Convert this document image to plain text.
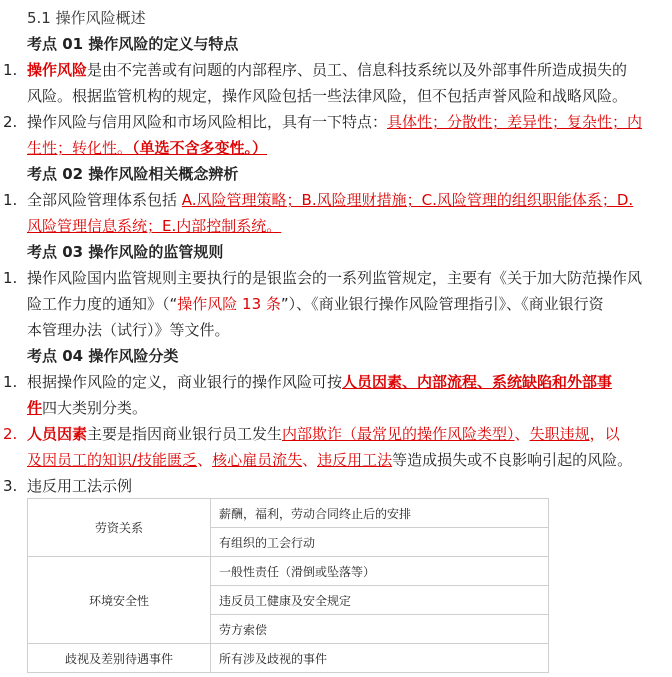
5.1 操作风险概述
考点 01 操作风险的定义与特点
1. 操作风险是由不完善或有问题的内部程序、员工、信息科技系统以及外部事件所造成损失的
风险。根据监管机构的规定，操作风险包括一些法律风险，但不包括声誉风险和战略风险。
2. 操作风险与信用风险和市场风险相比，具有一下特点：具体性；分散性；差异性；复杂性；内
生性；转化性。（单选不含多变性。）
考点 02 操作风险相关概念辨析
1. 全部风险管理体系包括 A.风险管理策略；B.风险理财措施；C.风险管理的组织职能体系；D.
风险管理信息系统；E.内部控制系统。
考点 03 操作风险的监管规则
1. 操作风险国内监管规则主要执行的是银监会的一系列监管规定，主要有《关于加大防范操作风
险工作力度的通知》（“操作风险 13 条”）、《商业银行操作风险管理指引》、《商业银行资
本管理办法（试行）》等文件。
考点 04 操作风险分类
1. 根据操作风险的定义，商业银行的操作风险可按人员因素、内部流程、系统缺陷和外部事
件四大类别分类。
2. 人员因素主要是指因商业银行员工发生内部欺诈（最常见的操作风险类型）、失职违规，以
及因员工的知识/技能匮乏、核心雇员流失、违反用工法等造成损失或不良影响引起的风险。
3. 违反用工法示例
劳资关系	薪酬，福利，劳动合同终止后的安排
	有组织的工会行动
环境安全性	一般性责任（滑倒或坠落等）
	违反员工健康及安全规定
	劳方索偿
歧视及差别待遇事件	所有涉及歧视的事件
